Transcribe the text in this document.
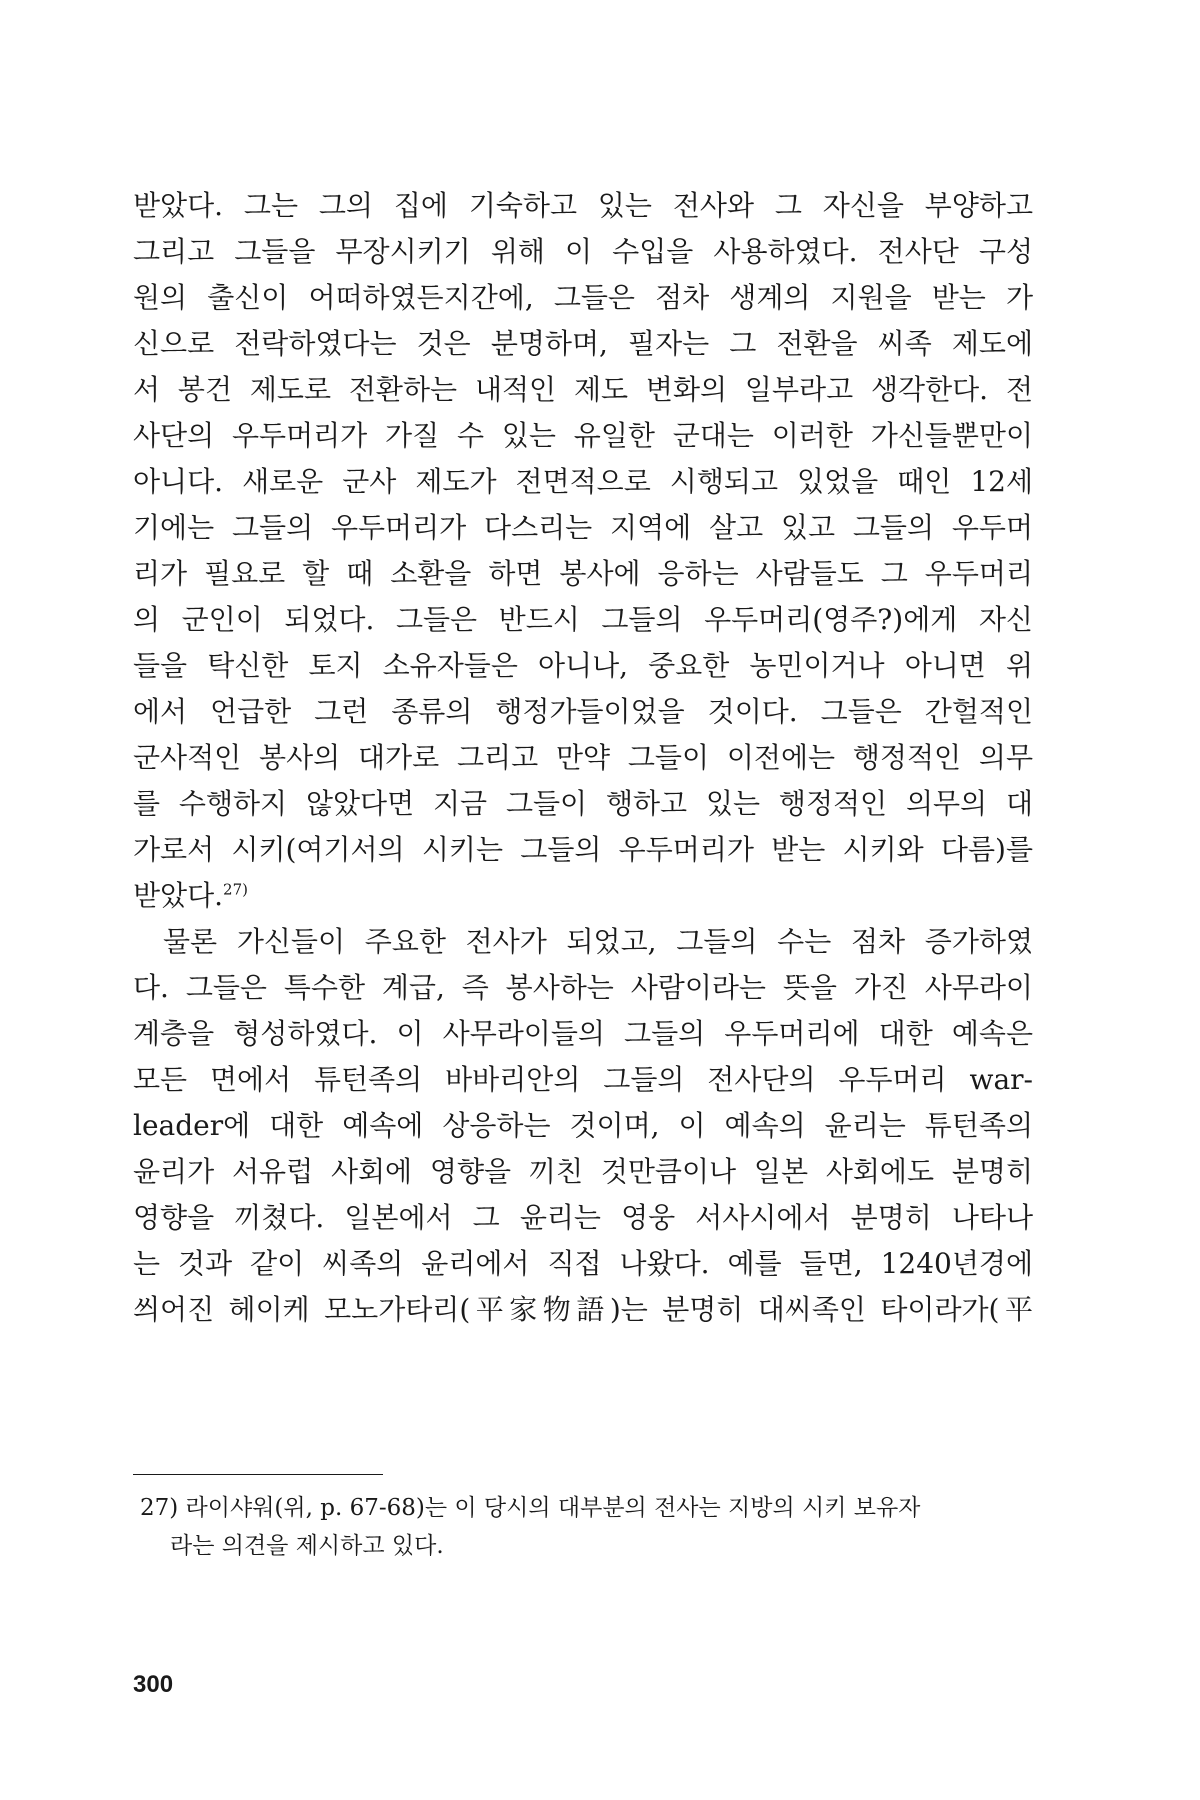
받았다. 그는 그의 집에 기숙하고 있는 전사와 그 자신을 부양하고
그리고 그들을 무장시키기 위해 이 수입을 사용하였다. 전사단 구성
원의 출신이 어떠하였든지간에, 그들은 점차 생계의 지원을 받는 가
신으로 전락하였다는 것은 분명하며, 필자는 그 전환을 씨족 제도에
서 봉건 제도로 전환하는 내적인 제도 변화의 일부라고 생각한다. 전
사단의 우두머리가 가질 수 있는 유일한 군대는 이러한 가신들뿐만이
아니다. 새로운 군사 제도가 전면적으로 시행되고 있었을 때인 12세
기에는 그들의 우두머리가 다스리는 지역에 살고 있고 그들의 우두머
리가 필요로 할 때 소환을 하면 봉사에 응하는 사람들도 그 우두머리
의 군인이 되었다. 그들은 반드시 그들의 우두머리(영주?)에게 자신
들을 탁신한 토지 소유자들은 아니나, 중요한 농민이거나 아니면 위
에서 언급한 그런 종류의 행정가들이었을 것이다. 그들은 간헐적인
군사적인 봉사의 대가로 그리고 만약 그들이 이전에는 행정적인 의무
를 수행하지 않았다면 지금 그들이 행하고 있는 행정적인 의무의 대
가로서 시키(여기서의 시키는 그들의 우두머리가 받는 시키와 다름)를
받았다.$^{27)}$
물론 가신들이 주요한 전사가 되었고, 그들의 수는 점차 증가하였
다. 그들은 특수한 계급, 즉 봉사하는 사람이라는 뜻을 가진 사무라이
계층을 형성하였다. 이 사무라이들의 그들의 우두머리에 대한 예속은
모든 면에서 튜턴족의 바바리안의 그들의 전사단의 우두머리 war-
leader에 대한 예속에 상응하는 것이며, 이 예속의 윤리는 튜턴족의
윤리가 서유럽 사회에 영향을 끼친 것만큼이나 일본 사회에도 분명히
영향을 끼쳤다. 일본에서 그 윤리는 영웅 서사시에서 분명히 나타나
는 것과 같이 씨족의 윤리에서 직접 나왔다. 예를 들면, 1240년경에
씌어진 헤이케 모노가타리(平家物語)는 분명히 대씨족인 타이라가(平
27) 라이샤워(위, p. 67-68)는 이 당시의 대부분의 전사는 지방의 시키 보유자
라는 의견을 제시하고 있다.
300
